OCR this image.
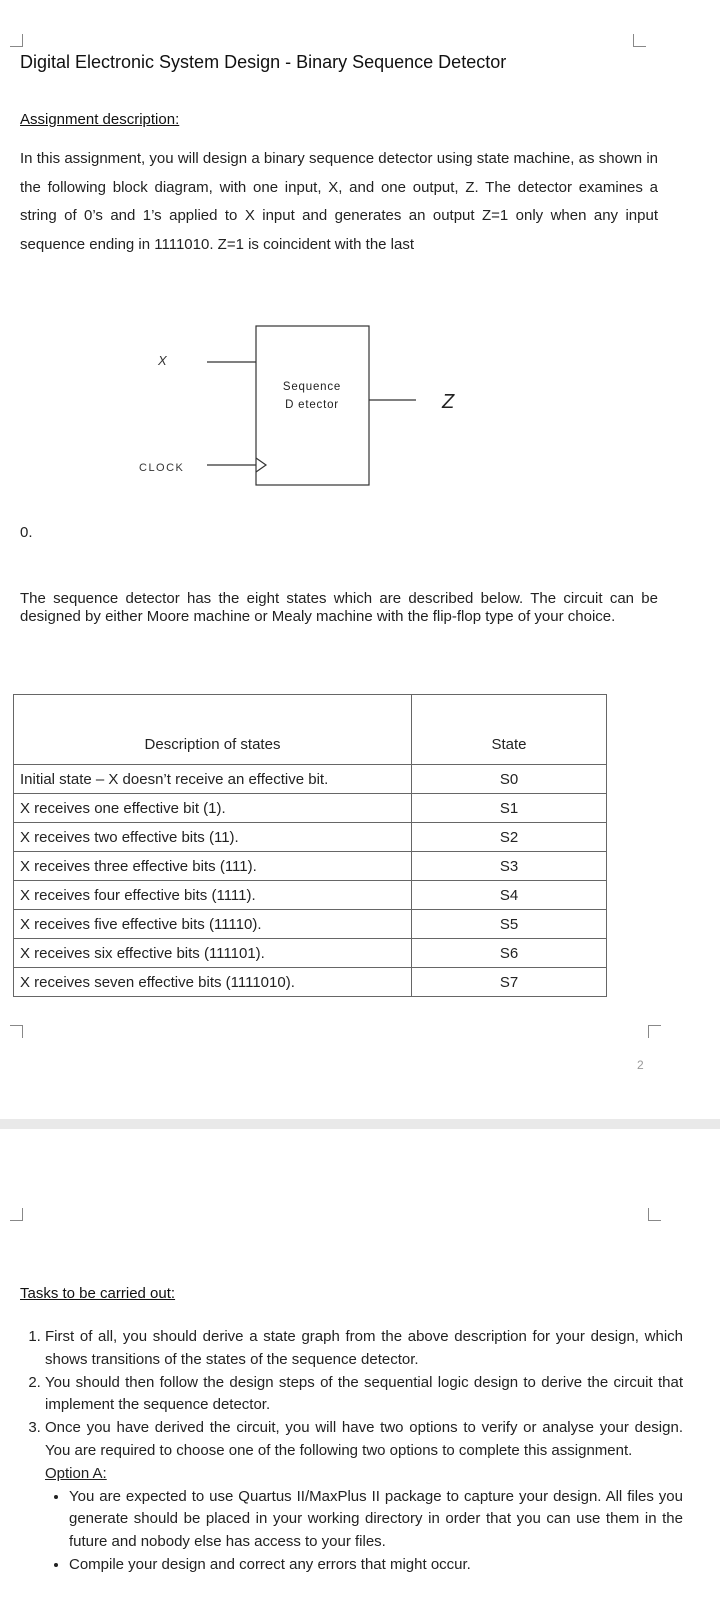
Digital Electronic System Design - Binary Sequence Detector
Assignment description:
In this assignment, you will design a binary sequence detector using state machine, as shown in the following block diagram, with one input, X, and one output, Z. The detector examines a string of 0’s and 1’s applied to X input and generates an output Z=1 only when any input sequence ending in 1111010. Z=1 is coincident with the last
X
CLOCK
Sequence
D etector	Z
0.
The sequence detector has the eight states which are described below. The circuit can be designed by either Moore machine or Mealy machine with the flip-flop type of your choice.
Description of states	State
Initial state – X doesn’t receive an effective bit.	S0
X receives one effective bit (1).	S1
X receives two effective bits (11).	S2
X receives three effective bits (111).	S3
X receives four effective bits (1111).	S4
X receives five effective bits (11110).	S5
X receives six effective bits (111101).	S6
X receives seven effective bits (1111010).	S7
2
Tasks to be carried out:
1. First of all, you should derive a state graph from the above description for your design, which shows transitions of the states of the sequence detector.
2. You should then follow the design steps of the sequential logic design to derive the circuit that implement the sequence detector.
3. Once you have derived the circuit, you will have two options to verify or analyse your design. You are required to choose one of the following two options to complete this assignment.
Option A:
• You are expected to use Quartus II/MaxPlus II package to capture your design. All files you generate should be placed in your working directory in order that you can use them in the future and nobody else has access to your files.
• Compile your design and correct any errors that might occur.
